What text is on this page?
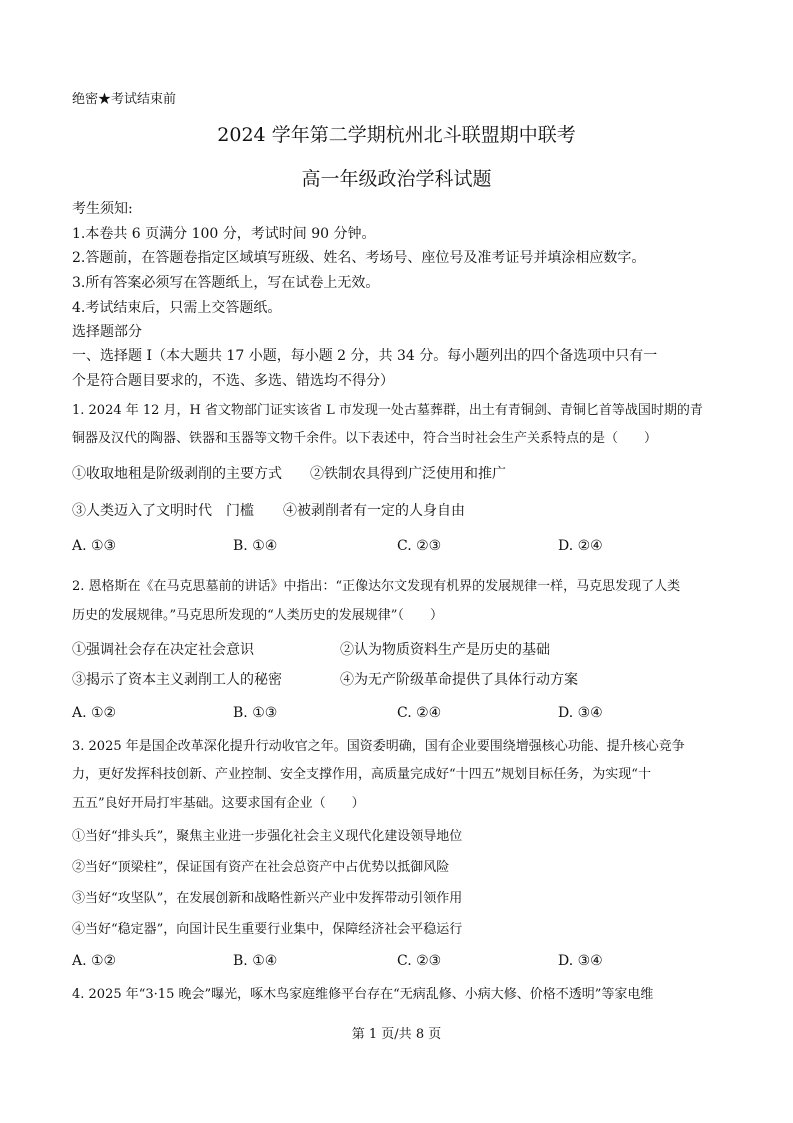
绝密★考试结束前
2024 学年第二学期杭州北斗联盟期中联考
高一年级政治学科试题
考生须知:
1.本卷共 6 页满分 100 分，考试时间 90 分钟。
2.答题前，在答题卷指定区域填写班级、姓名、考场号、座位号及准考证号并填涂相应数字。
3.所有答案必须写在答题纸上，写在试卷上无效。
4.考试结束后，只需上交答题纸。
选择题部分
一、选择题 I（本大题共 17 小题，每小题 2 分，共 34 分。每小题列出的四个备选项中只有一
个是符合题目要求的，不选、多选、错选均不得分）
1. 2024 年 12 月，H 省文物部门证实该省 L 市发现一处古墓葬群，出土有青铜剑、青铜匕首等战国时期的青
铜器及汉代的陶器、铁器和玉器等文物千余件。以下表述中，符合当时社会生产关系特点的是（　　）
①收取地租是阶级剥削的主要方式 ②铁制农具得到广泛使用和推广
③人类迈入了文明时代　门槛 ④被剥削者有一定的人身自由
A. ①③	B. ①④	C. ②③	D. ②④
2. 恩格斯在《在马克思墓前的讲话》中指出：“正像达尔文发现有机界的发展规律一样，马克思发现了人类
历史的发展规律。”马克思所发现的“人类历史的发展规律”（　　）
①强调社会存在决定社会意识	②认为物质资料生产是历史的基础
③揭示了资本主义剥削工人的秘密	④为无产阶级革命提供了具体行动方案
A. ①②	B. ①③	C. ②④	D. ③④
3. 2025 年是国企改革深化提升行动收官之年。国资委明确，国有企业要围绕增强核心功能、提升核心竞争
力，更好发挥科技创新、产业控制、安全支撑作用，高质量完成好“十四五”规划目标任务，为实现“十
五五”良好开局打牢基础。这要求国有企业（　　）
①当好“排头兵”，聚焦主业进一步强化社会主义现代化建设领导地位
②当好“顶梁柱”，保证国有资产在社会总资产中占优势以抵御风险
③当好“攻坚队”，在发展创新和战略性新兴产业中发挥带动引领作用
④当好“稳定器”，向国计民生重要行业集中，保障经济社会平稳运行
A. ①②	B. ①④	C. ②③	D. ③④
4. 2025 年“3·15 晚会”曝光，啄木鸟家庭维修平台存在“无病乱修、小病大修、价格不透明”等家电维
第 1 页/共 8 页
